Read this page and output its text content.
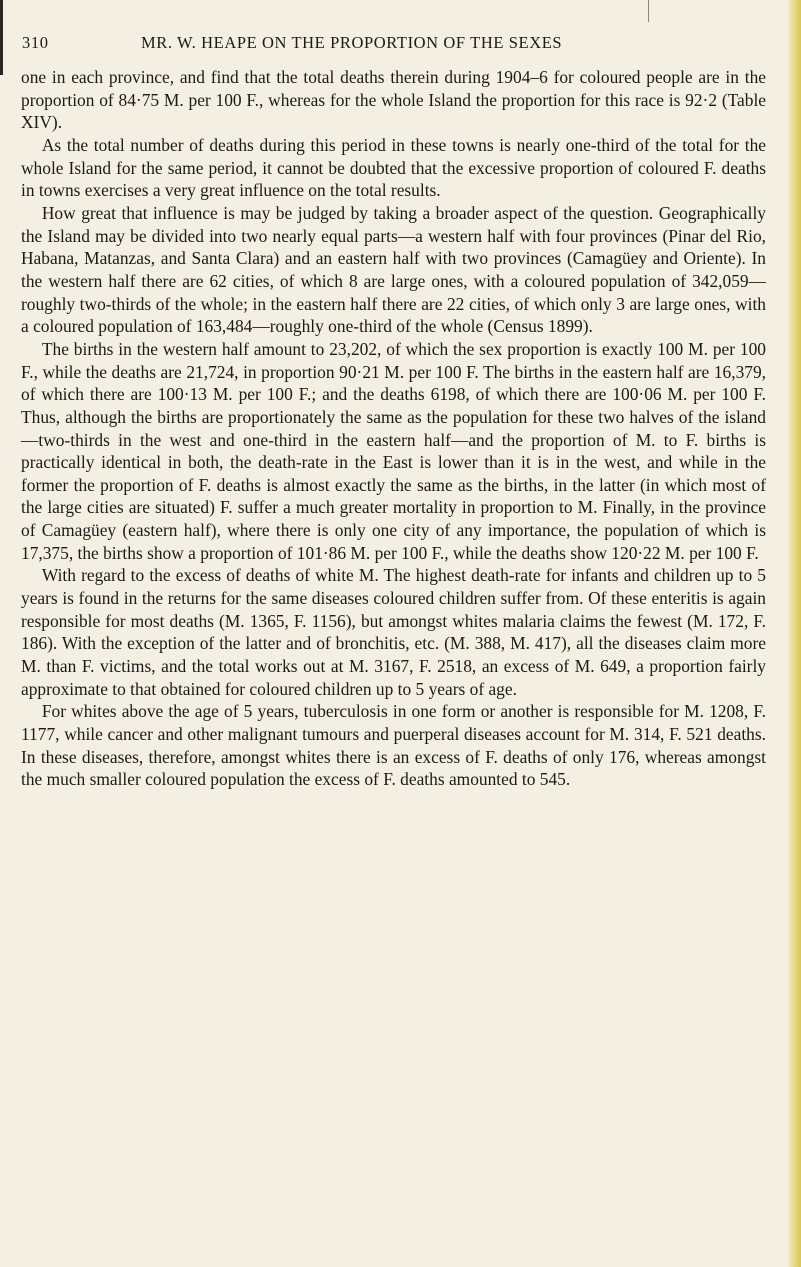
310	MR. W. HEAPE ON THE PROPORTION OF THE SEXES

one in each province, and find that the total deaths therein during 1904–6 for coloured people are in the proportion of 84·75 M. per 100 F., whereas for the whole Island the proportion for this race is 92·2 (Table XIV).

As the total number of deaths during this period in these towns is nearly one-third of the total for the whole Island for the same period, it cannot be doubted that the excessive proportion of coloured F. deaths in towns exercises a very great influence on the total results.

How great that influence is may be judged by taking a broader aspect of the question. Geographically the Island may be divided into two nearly equal parts—a western half with four provinces (Pinar del Rio, Habana, Matanzas, and Santa Clara) and an eastern half with two provinces (Camagüey and Oriente). In the western half there are 62 cities, of which 8 are large ones, with a coloured population of 342,059—roughly two-thirds of the whole; in the eastern half there are 22 cities, of which only 3 are large ones, with a coloured population of 163,484—roughly one-third of the whole (Census 1899).

The births in the western half amount to 23,202, of which the sex proportion is exactly 100 M. per 100 F., while the deaths are 21,724, in proportion 90·21 M. per 100 F. The births in the eastern half are 16,379, of which there are 100·13 M. per 100 F.; and the deaths 6198, of which there are 100·06 M. per 100 F. Thus, although the births are proportionately the same as the population for these two halves of the island—two-thirds in the west and one-third in the eastern half—and the proportion of M. to F. births is practically identical in both, the death-rate in the East is lower than it is in the west, and while in the former the proportion of F. deaths is almost exactly the same as the births, in the latter (in which most of the large cities are situated) F. suffer a much greater mortality in proportion to M. Finally, in the province of Camagüey (eastern half), where there is only one city of any importance, the population of which is 17,375, the births show a proportion of 101·86 M. per 100 F., while the deaths show 120·22 M. per 100 F.

With regard to the excess of deaths of white M. The highest death-rate for infants and children up to 5 years is found in the returns for the same diseases coloured children suffer from. Of these enteritis is again responsible for most deaths (M. 1365, F. 1156), but amongst whites malaria claims the fewest (M. 172, F. 186). With the exception of the latter and of bronchitis, etc. (M. 388, M. 417), all the diseases claim more M. than F. victims, and the total works out at M. 3167, F. 2518, an excess of M. 649, a proportion fairly approximate to that obtained for coloured children up to 5 years of age.

For whites above the age of 5 years, tuberculosis in one form or another is responsible for M. 1208, F. 1177, while cancer and other malignant tumours and puerperal diseases account for M. 314, F. 521 deaths. In these diseases, therefore, amongst whites there is an excess of F. deaths of only 176, whereas amongst the much smaller coloured population the excess of F. deaths amounted to 545.
